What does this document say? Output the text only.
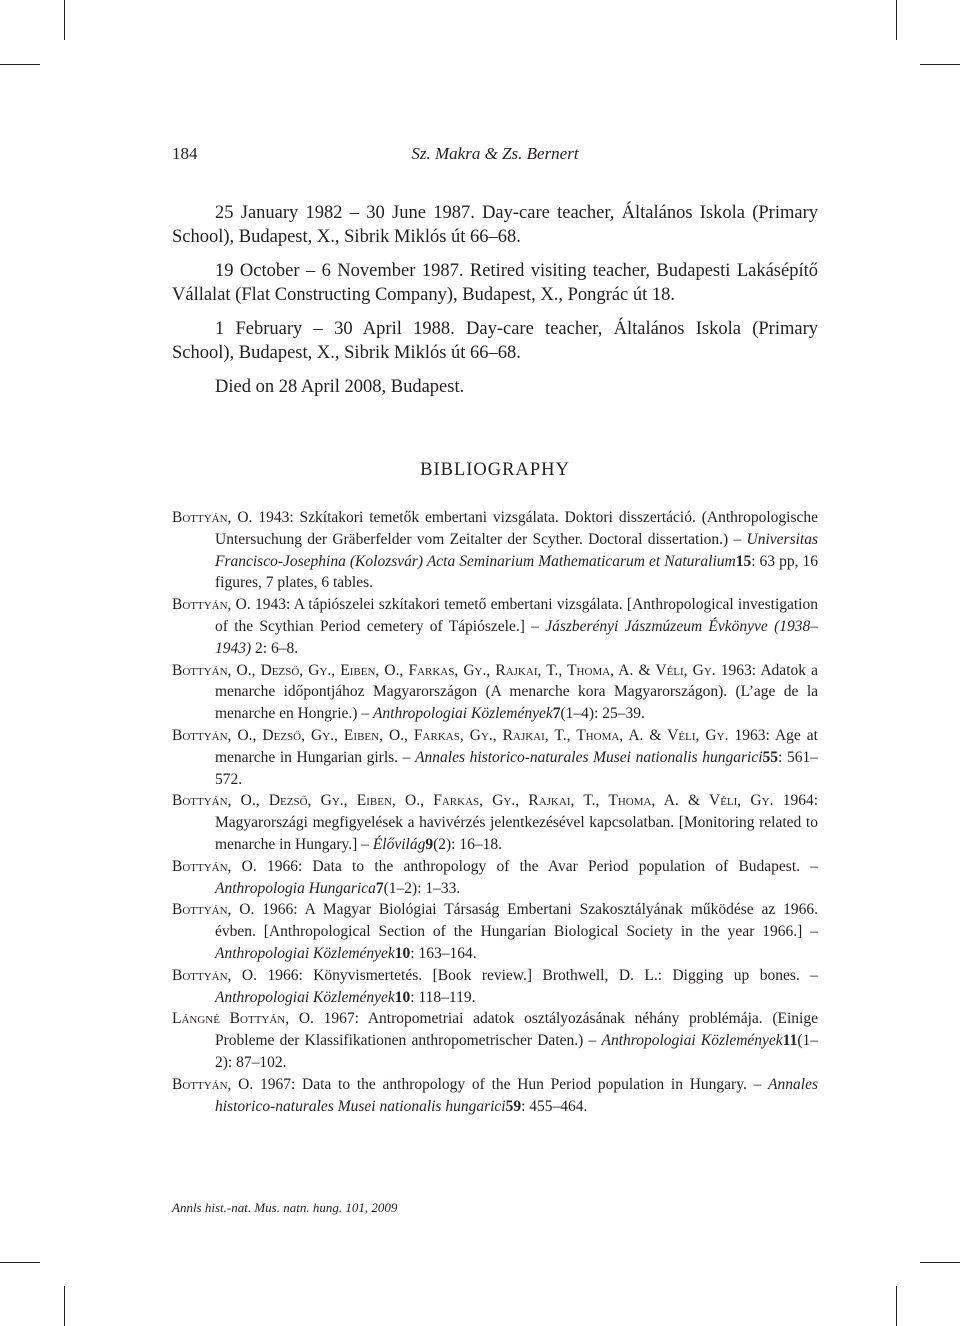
184	Sz. Makra & Zs. Bernert

25 January 1982 – 30 June 1987. Day-care teacher, Általános Iskola (Primary School), Budapest, X., Sibrik Miklós út 66–68.

19 October – 6 November 1987. Retired visiting teacher, Budapesti Lakásépítő Vállalat (Flat Constructing Company), Budapest, X., Pongrác út 18.

1 February – 30 April 1988. Day-care teacher, Általános Iskola (Primary School), Budapest, X., Sibrik Miklós út 66–68.

Died on 28 April 2008, Budapest.

BIBLIOGRAPHY

Bottyán, O. 1943: Szkítakori temetők embertani vizsgálata. Doktori disszertáció. (Anthropologische Untersuchung der Gräberfelder vom Zeitalter der Scyther. Doctoral dissertation.) – Universitas Francisco-Josephina (Kolozsvár) Acta Seminarium Mathematicarum et Naturalium15: 63 pp, 16 figures, 7 plates, 6 tables.

Bottyán, O. 1943: A tápiószelei szkítakori temető embertani vizsgálata. [Anthropological investigation of the Scythian Period cemetery of Tápiószele.] – Jászberényi Jászmúzeum Évkönyve (1938–1943) 2: 6–8.

Bottyán, O., Dezső, Gy., Eiben, O., Farkas, Gy., Rajkai, T., Thoma, A. & Véli, Gy. 1963: Adatok a menarche időpontjához Magyarországon (A menarche kora Magyarországon). (L’age de la menarche en Hongrie.) – Anthropologiai Közlemények7(1–4): 25–39.

Bottyán, O., Dezső, Gy., Eiben, O., Farkas, Gy., Rajkai, T., Thoma, A. & Véli, Gy. 1963: Age at menarche in Hungarian girls. – Annales historico-naturales Musei nationalis hungarici55: 561–572.

Bottyán, O., Dezső, Gy., Eiben, O., Farkas, Gy., Rajkai, T., Thoma, A. & Véli, Gy. 1964: Magyarországi megfigyelések a havivérzés jelentkezésével kapcsolatban. [Monitoring related to menarche in Hungary.] – Élővilág9(2): 16–18.

Bottyán, O. 1966: Data to the anthropology of the Avar Period population of Budapest. – Anthropologia Hungarica7(1–2): 1–33.

Bottyán, O. 1966: A Magyar Biológiai Társaság Embertani Szakosztályának működése az 1966. évben. [Anthropological Section of the Hungarian Biological Society in the year 1966.] – Anthropologiai Közlemények10: 163–164.

Bottyán, O. 1966: Könyvismertetés. [Book review.] Brothwell, D. L.: Digging up bones. – Anthropologiai Közlemények10: 118–119.

Lángné Bottyán, O. 1967: Antropometriai adatok osztályozásának néhány problémája. (Einige Probleme der Klassifikationen anthropometrischer Daten.) – Anthropologiai Közlemények11(1–2): 87–102.

Bottyán, O. 1967: Data to the anthropology of the Hun Period population in Hungary. – Annales historico-naturales Musei nationalis hungarici59: 455–464.

Annls hist.-nat. Mus. natn. hung. 101, 2009
